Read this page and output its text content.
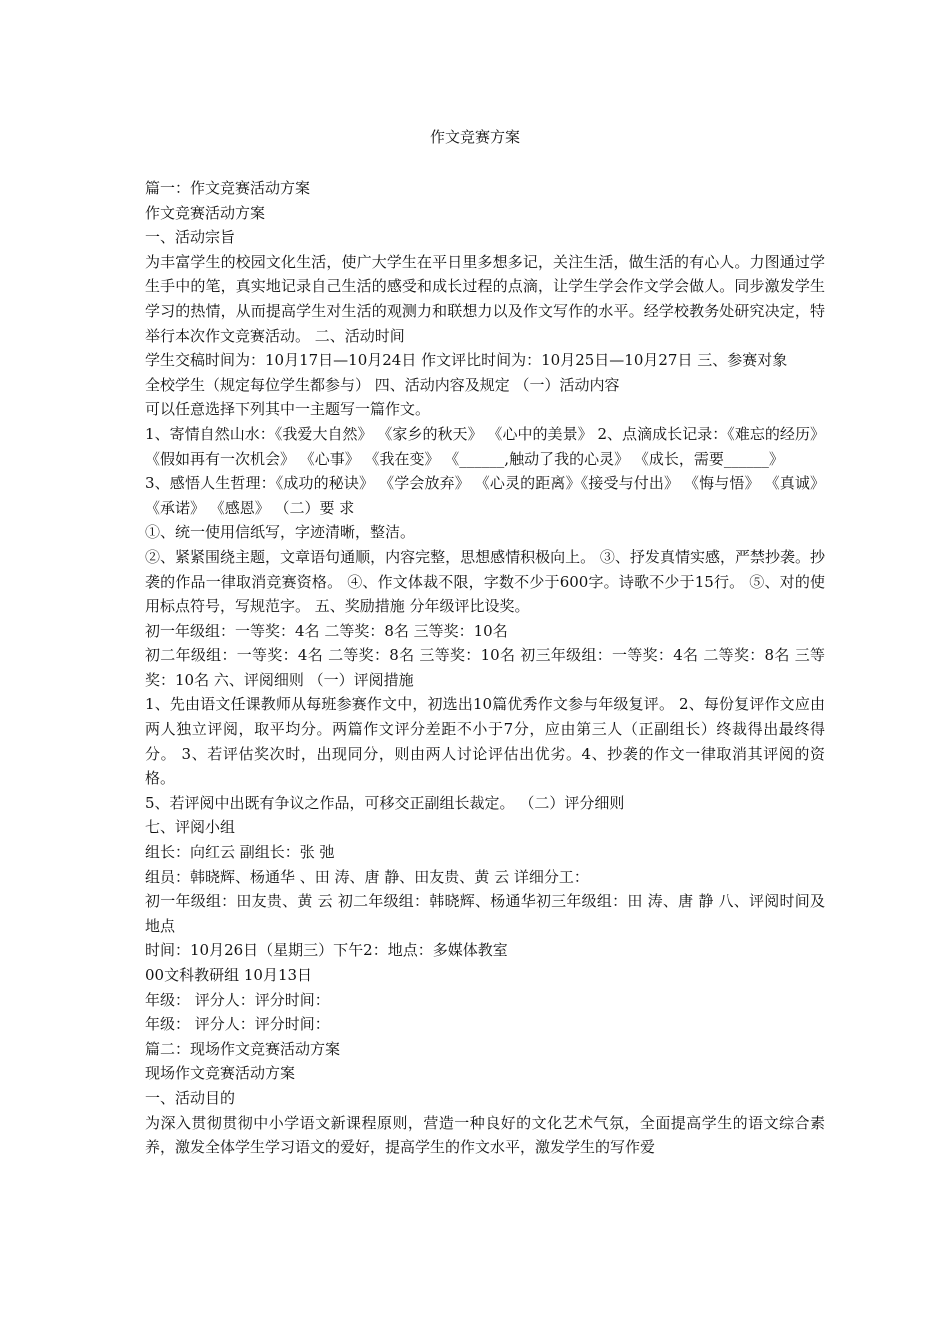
作文竞赛方案

篇一：作文竞赛活动方案

作文竞赛活动方案

一、活动宗旨

为丰富学生的校园文化生活，使广大学生在平日里多想多记，关注生活，做生活的有心人。力图通过学生手中的笔，真实地记录自己生活的感受和成长过程的点滴，让学生学会作文学会做人。同步激发学生学习的热情，从而提高学生对生活的观测力和联想力以及作文写作的水平。经学校教务处研究决定，特举行本次作文竞赛活动。 二、活动时间

学生交稿时间为：10月17日—10月24日 作文评比时间为：10月25日—10月27日 三、参赛对象

全校学生（规定每位学生都参与） 四、活动内容及规定 （一）活动内容

可以任意选择下列其中一主题写一篇作文。

1、寄情自然山水：《我爱大自然》 《家乡的秋天》 《心中的美景》 2、点滴成长记录：《难忘的经历》《假如再有一次机会》 《心事》 《我在变》 《______,触动了我的心灵》 《成长，需要______》

3、感悟人生哲理：《成功的秘诀》 《学会放弃》 《心灵的距离》《接受与付出》 《悔与悟》 《真诚》 《承诺》 《感恩》 （二）要 求

①、统一使用信纸写，字迹清晰，整洁。

②、紧紧围绕主题，文章语句通顺，内容完整，思想感情积极向上。 ③、抒发真情实感，严禁抄袭。抄袭的作品一律取消竞赛资格。 ④、作文体裁不限，字数不少于600字。诗歌不少于15行。 ⑤、对的使用标点符号，写规范字。 五、奖励措施 分年级评比设奖。

初一年级组：一等奖：4名 二等奖：8名 三等奖：10名

初二年级组：一等奖：4名 二等奖：8名 三等奖：10名 初三年级组：一等奖：4名 二等奖：8名 三等奖：10名 六、评阅细则 （一）评阅措施

1、先由语文任课教师从每班参赛作文中，初选出10篇优秀作文参与年级复评。 2、每份复评作文应由两人独立评阅，取平均分。两篇作文评分差距不小于7分，应由第三人（正副组长）终裁得出最终得分。 3、若评估奖次时，出现同分，则由两人讨论评估出优劣。4、抄袭的作文一律取消其评阅的资格。

5、若评阅中出既有争议之作品，可移交正副组长裁定。 （二）评分细则

七、评阅小组

组长：向红云 副组长：张 弛

组员：韩晓辉、杨通华 、田 涛、唐 静、田友贵、黄 云 详细分工：

初一年级组：田友贵、黄 云 初二年级组：韩晓辉、杨通华初三年级组：田 涛、唐 静 八、评阅时间及地点

时间：10月26日（星期三）下午2：地点：多媒体教室

00文科教研组 10月13日

年级： 评分人：评分时间：

年级： 评分人：评分时间：

篇二：现场作文竞赛活动方案

现场作文竞赛活动方案

一、活动目的

为深入贯彻贯彻中小学语文新课程原则，营造一种良好的文化艺术气氛，全面提高学生的语文综合素养，激发全体学生学习语文的爱好，提高学生的作文水平，激发学生的写作爱
